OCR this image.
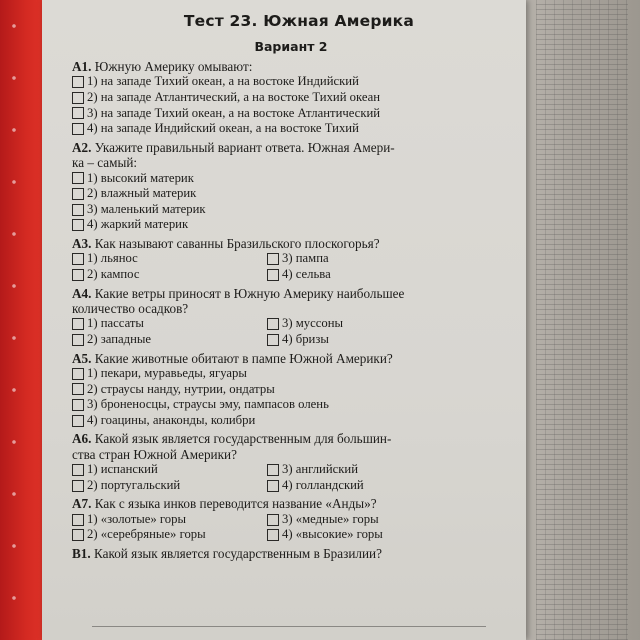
Тест 23. Южная Америка
Вариант 2
А1. Южную Америку омывают:
1) на западе Тихий океан, а на востоке Индийский
2) на западе Атлантический, а на востоке Тихий океан
3) на западе Тихий океан, а на востоке Атлантический
4) на западе Индийский океан, а на востоке Тихий
А2. Укажите правильный вариант ответа. Южная Амери-
ка – самый:
1) высокий материк
2) влажный материк
3) маленький материк
4) жаркий материк
А3. Как называют саванны Бразильского плоскогорья?
1) льянос
2) кампос
3) пампа
4) сельва
А4. Какие ветры приносят в Южную Америку наибольшее
количество осадков?
1) пассаты
2) западные
3) муссоны
4) бризы
А5. Какие животные обитают в пампе Южной Америки?
1) пекари, муравьеды, ягуары
2) страусы нанду, нутрии, ондатры
3) броненосцы, страусы эму, пампасов олень
4) гоацины, анаконды, колибри
А6. Какой язык является государственным для большин-
ства стран Южной Америки?
1) испанский
2) португальский
3) английский
4) голландский
А7. Как с языка инков переводится название «Анды»?
1) «золотые» горы
2) «серебряные» горы
3) «медные» горы
4) «высокие» горы
В1. Какой язык является государственным в Бразилии?
